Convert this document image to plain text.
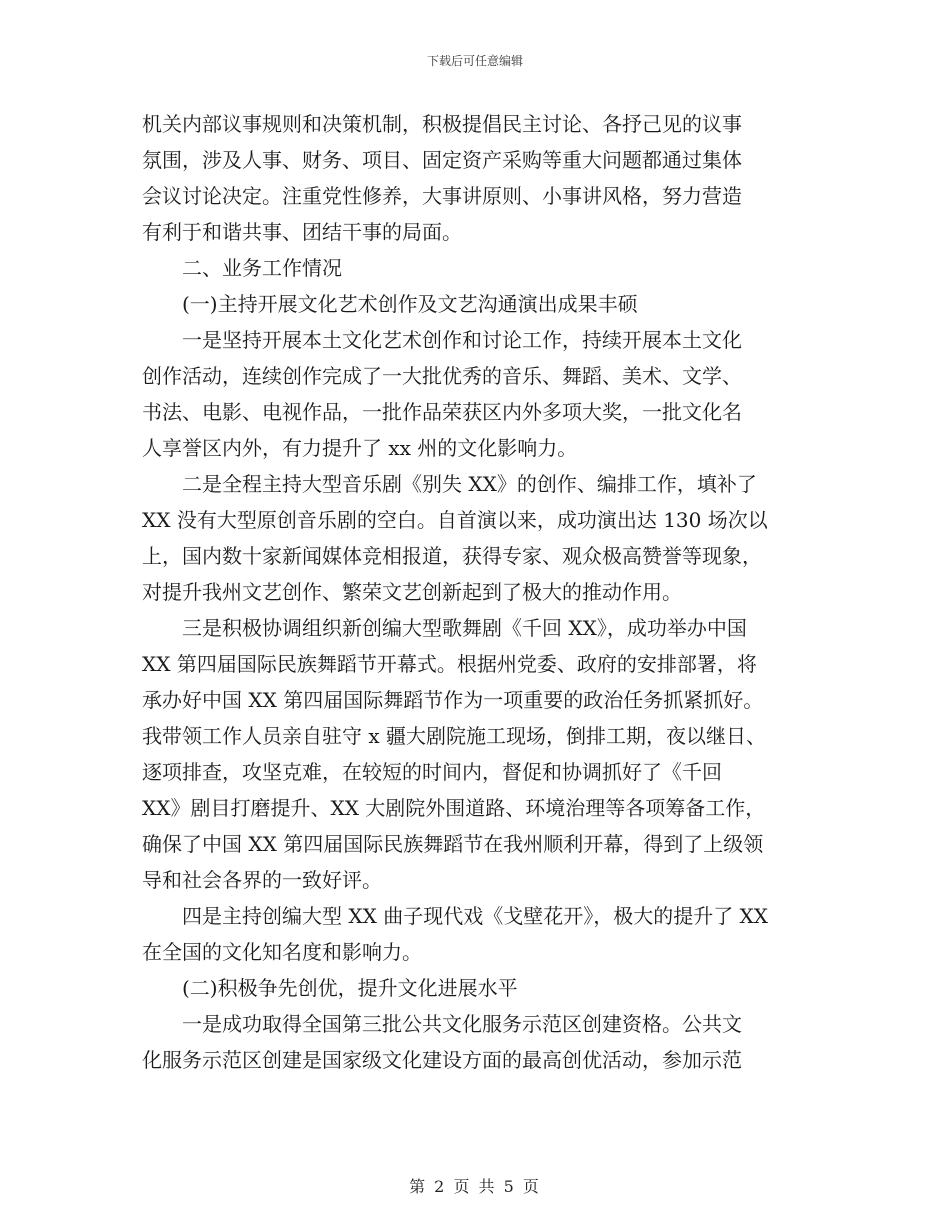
下载后可任意编辑
机关内部议事规则和决策机制，积极提倡民主讨论、各抒己见的议事
氛围，涉及人事、财务、项目、固定资产采购等重大问题都通过集体
会议讨论决定。注重党性修养，大事讲原则、小事讲风格，努力营造
有利于和谐共事、团结干事的局面。
　　二、业务工作情况
　　(一)主持开展文化艺术创作及文艺沟通演出成果丰硕
　　一是坚持开展本土文化艺术创作和讨论工作，持续开展本土文化
创作活动，连续创作完成了一大批优秀的音乐、舞蹈、美术、文学、
书法、电影、电视作品，一批作品荣获区内外多项大奖，一批文化名
人享誉区内外，有力提升了 xx 州的文化影响力。
　　二是全程主持大型音乐剧《别失 XX》的创作、编排工作，填补了
XX 没有大型原创音乐剧的空白。自首演以来，成功演出达 130 场次以
上，国内数十家新闻媒体竞相报道，获得专家、观众极高赞誉等现象，
对提升我州文艺创作、繁荣文艺创新起到了极大的推动作用。
　　三是积极协调组织新创编大型歌舞剧《千回 XX》，成功举办中国
XX 第四届国际民族舞蹈节开幕式。根据州党委、政府的安排部署，将
承办好中国 XX 第四届国际舞蹈节作为一项重要的政治任务抓紧抓好。
我带领工作人员亲自驻守 x 疆大剧院施工现场，倒排工期，夜以继日、
逐项排查，攻坚克难，在较短的时间内，督促和协调抓好了《千回
XX》剧目打磨提升、XX 大剧院外围道路、环境治理等各项筹备工作，
确保了中国 XX 第四届国际民族舞蹈节在我州顺利开幕，得到了上级领
导和社会各界的一致好评。
　　四是主持创编大型 XX 曲子现代戏《戈壁花开》，极大的提升了 XX
在全国的文化知名度和影响力。
　　(二)积极争先创优，提升文化进展水平
　　一是成功取得全国第三批公共文化服务示范区创建资格。公共文
化服务示范区创建是国家级文化建设方面的最高创优活动，参加示范
第 2 页 共 5 页
